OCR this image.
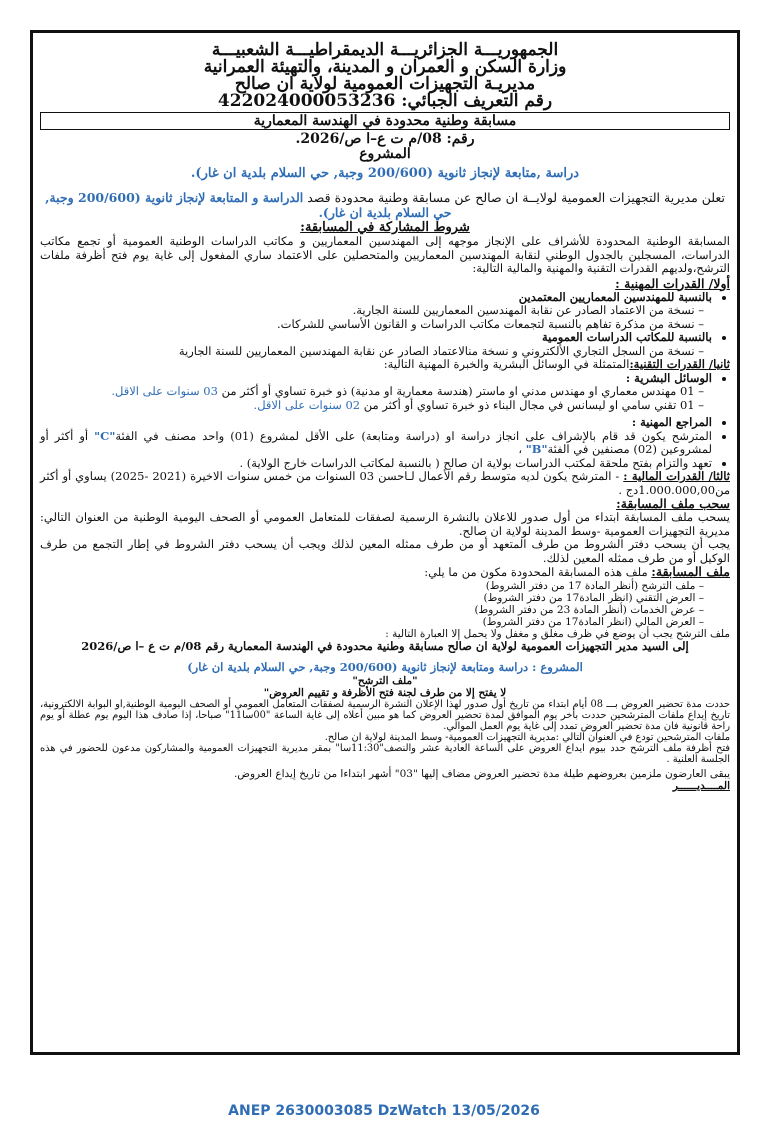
الجمهوريـــة الجزائريـــة الديمقراطيـــة الشعبيـــة
وزارة السكن و العمران و المدينة، والتهيئة العمرانية
مديريـة التجهيزات العمومية لولاية ان صالح
رقم التعريف الجبائي: 422024000053236
مسابقة وطنية محدودة في الهندسة المعمارية
رقم: 08/م ت ع–ا ص/2026.
المشروع
دراسة ,متابعة لإنجاز ثانوية (200/600 وجبة, حي السلام بلدية ان غار).

تعلن مديرية التجهيزات العمومية لولايــة ان صالح عن مسابقة وطنية محدودة قصد الدراسة و المتابعة لإنجاز ثانوية (200/600 وجبة, حي السلام بلدية ان غار).

شروط المشاركة في المسابقة:

المسابقة الوطنية المحدودة للأشراف على الإنجاز موجهه إلى المهندسين المعماريين و مكاتب الدراسات الوطنية العمومية أو تجمع مكاتب الدراسات، المسجلين بالجدول الوطني لنقابة المهندسين المعماريين والمتحصلين على الاعتماد ساري المفعول إلى غاية يوم فتح أظرفة ملفات الترشح،ولديهم القدرات التقنية والمهنية والمالية التالية:

أولا/ القدرات المهنية :
• بالنسبة للمهندسين المعماريين المعتمدين
– نسخة من الاعتماد الصادر عن نقابة المهندسين المعماريين للسنة الجارية.
– نسخة من مذكرة تفاهم بالنسبة لتجمعات مكاتب الدراسات و القانون الأساسي للشركات.
• بالنسبة للمكاتب الدراسات العمومية
– نسخة من السجل التجاري الألكتروني و نسخة منالاعتماد الصادر عن نقابة المهندسين المعماريين للسنة الجارية

ثانيا/ القدرات التقنية:المتمثلة في الوسائل البشرية والخبرة المهنية التالية:

• الوسائل البشرية :
– 01 مهندس معماري او مهندس مدني او ماستر (هندسة معمارية او مدنية) ذو خبرة تساوي أو أكثر من 03 سنوات على الاقل.
– 01 تقني سامي او ليسانس في مجال البناء ذو خبرة تساوي أو أكثر من 02 سنوات على الاقل.
• المراجع المهنية :
• المترشح يكون قد قام بالإشراف على انجاز دراسة او (دراسة ومتابعة) على الأقل لمشروع (01) واحد مصنف في الفئة"C" أو أكثر أو لمشروعين (02) مصنفين في الفئة"B" ،
• تعهد والتزام بفتح ملحقة لمكتب الدراسات بولاية ان صالح ( بالنسبة لمكاتب الدراسات خارج الولاية) .

ثالثا/ القدرات المالية : - المترشح يكون لديه متوسط رقم الأعمال لـاحسن 03 السنوات من خمس سنوات الاخيرة (2021 -2025) يساوي أو أكثر من1.000.000,00دج .

سحب ملف المسابقة:

يسحب ملف المسابقة ابتداء من أول صدور للاعلان بالنشرة الرسمية لصفقات للمتعامل العمومي أو الصحف اليومية الوطنية من العنوان التالي: مديرية التجهيزات العمومية -وسط المدينة لولاية ان صالح.

يجب أن يسحب دفتر الشروط من طرف المتعهد أو من طرف ممثله المعين لذلك ويجب أن يسحب دفتر الشروط في إطار التجمع من طرف الوكيل أو من طرف ممثله المعين لذلك.

ملف المسابقة: ملف هذه المسابقة المحدودة مكون من ما يلي:

– ملف الترشح (أنظر المادة 17 من دفتر الشروط)
– العرض التقني (انظر المادة17 من دفتر الشروط)
– عرض الخدمات (أنظر المادة 23 من دفتر الشروط)
– العرض المالي (انظر المادة17 من دفتر الشروط)

ملف الترشح يجب أن يوضع في ظرف مغلق و مغفل ولا يحمل إلا العبارة التالية :

إلى السيد مدير التجهيزات العمومية لولاية ان صالح مسابقة وطنية محدودة في الهندسة المعمارية رقم 08/م ت ع –ا ص/2026

المشروع : دراسة ومتابعة لإنجاز ثانوية (200/600 وجبة, حي السلام بلدية ان غار)

"ملف الترشح"

لا يفتح إلا من طرف لجنة فتح الأظرفة و تقييم العروض"

حددت مدة تحضير العروض بـــ 08 أيام ابتداء من تاريخ أول صدور لهذا الإعلان النشرة الرسمية لصفقات المتعامل العمومي أو الصحف اليومية الوطنية,او البوابة الالكترونية، تاريخ إيداع ملفات المترشحين حددت بأخر يوم الموافق لمدة تحضير العروض كما هو مبين أعلاه إلى غاية الساعة "00سا11" صباحا، إذا صادف هذا اليوم يوم عطلة أو يوم راحة قانونية فان مدة تحضير العروض تمدد إلى غاية يوم العمل الموالي.

ملفات المترشحين تودع في العنوان التالي :مديرية التجهيزات العمومية- وسط المدينة لولاية ان صالح.

فتح أظرفة ملف الترشح حدد بيوم ايداع العروض على الساعة العادية عشر والنصف"11:30سا" بمقر مديرية التجهيزات العمومية والمشاركون مدعون للحضور في هذه الجلسة العلنية .

يبقى العارضون ملزمين بعروضهم طيلة مدة تحضير العروض مضاف إليها "03" أشهر ابتداءا من تاريخ إيداع العروض.

المــــديــــــر

ANEP 2630003085 DzWatch 13/05/2026
